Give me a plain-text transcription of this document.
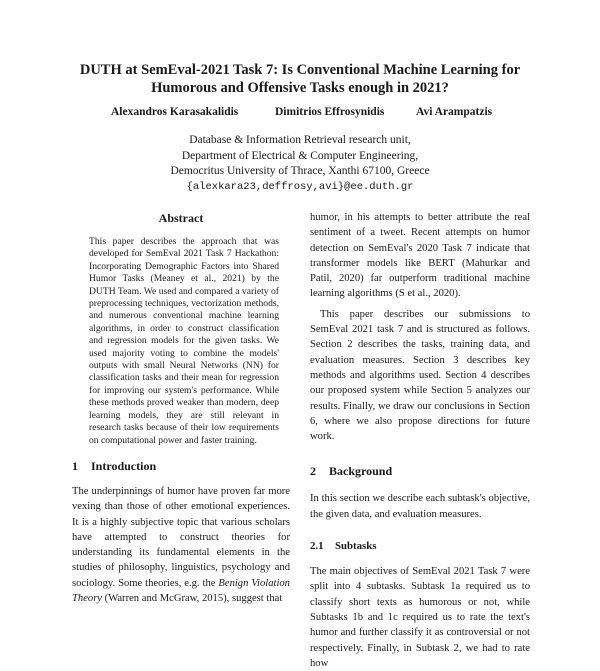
DUTH at SemEval-2021 Task 7: Is Conventional Machine Learning for Humorous and Offensive Tasks enough in 2021?
Alexandros Karasakalidis	Dimitrios Effrosynidis	Avi Arampatzis
Database & Information Retrieval research unit,
Department of Electrical & Computer Engineering,
Democritus University of Thrace, Xanthi 67100, Greece
{alexkara23,deffrosy,avi}@ee.duth.gr
Abstract

This paper describes the approach that was developed for SemEval 2021 Task 7 Hackathon: Incorporating Demographic Factors into Shared Humor Tasks (Meaney et al., 2021) by the DUTH Team. We used and compared a variety of preprocessing techniques, vectorization methods, and numerous conventional machine learning algorithms, in order to construct classification and regression models for the given tasks. We used majority voting to combine the models' outputs with small Neural Networks (NN) for classification tasks and their mean for regression for improving our system's performance. While these methods proved weaker than modern, deep learning models, they are still relevant in research tasks because of their low requirements on computational power and faster training.

1 Introduction

The underpinnings of humor have proven far more vexing than those of other emotional experiences. It is a highly subjective topic that various scholars have attempted to construct theories for understanding its fundamental elements in the studies of philosophy, linguistics, psychology and sociology. Some theories, e.g. the Benign Violation Theory (Warren and McGraw, 2015), suggest that

humor, in his attempts to better attribute the real sentiment of a tweet. Recent attempts on humor detection on SemEval's 2020 Task 7 indicate that transformer models like BERT (Mahurkar and Patil, 2020) far outperform traditional machine learning algorithms (S et al., 2020).

This paper describes our submissions to SemEval 2021 task 7 and is structured as follows. Section 2 describes the tasks, training data, and evaluation measures. Section 3 describes key methods and algorithms used. Section 4 describes our proposed system while Section 5 analyzes our results. Finally, we draw our conclusions in Section 6, where we also propose directions for future work.

2 Background

In this section we describe each subtask's objective, the given data, and evaluation measures.

2.1 Subtasks

The main objectives of SemEval 2021 Task 7 were split into 4 subtasks. Subtask 1a required us to classify short texts as humorous or not, while Subtasks 1b and 1c required us to rate the text's humor and further classify it as controversial or not respectively. Finally, in Subtask 2, we had to rate how
